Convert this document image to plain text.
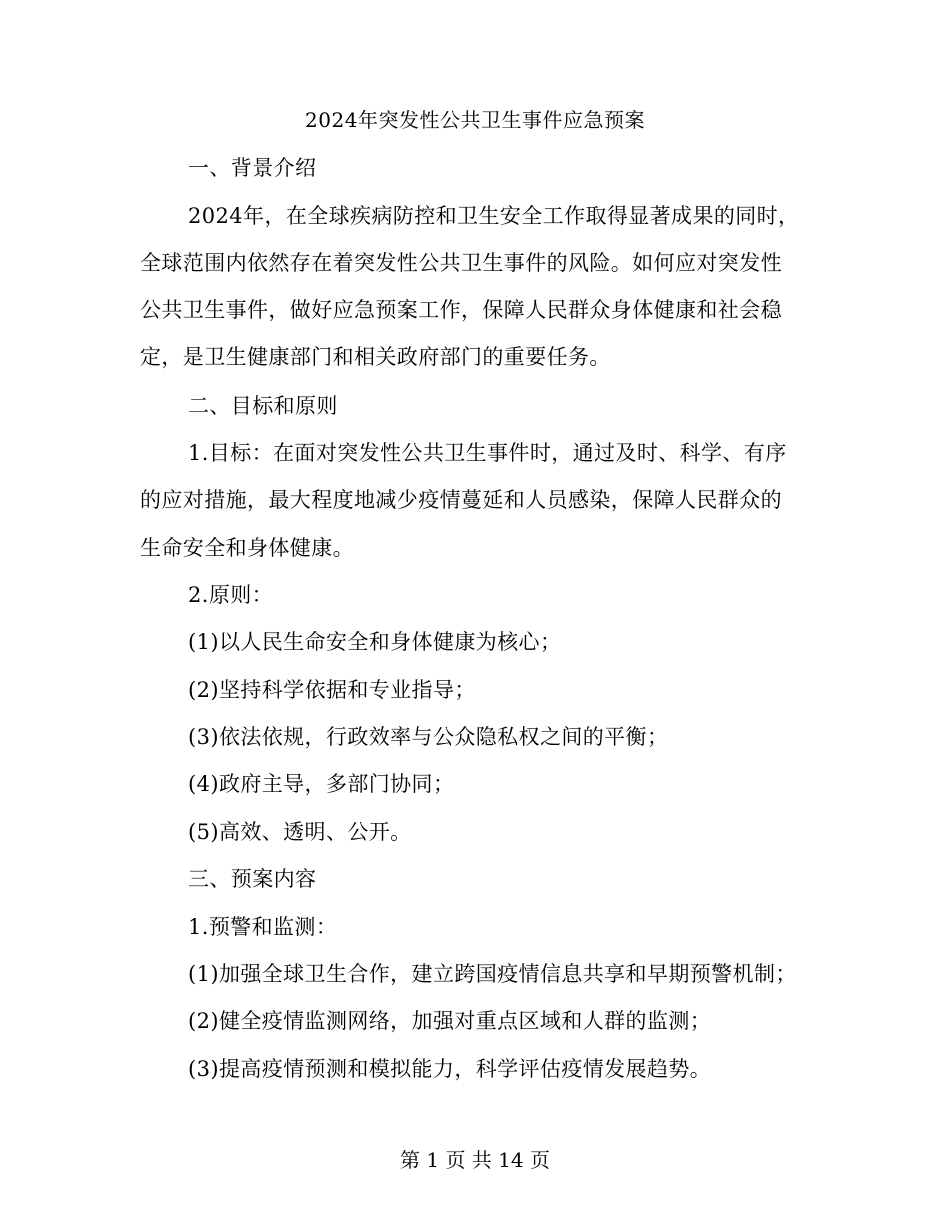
2024年突发性公共卫生事件应急预案
一、背景介绍
2024年，在全球疾病防控和卫生安全工作取得显著成果的同时，
全球范围内依然存在着突发性公共卫生事件的风险。如何应对突发性
公共卫生事件，做好应急预案工作，保障人民群众身体健康和社会稳
定，是卫生健康部门和相关政府部门的重要任务。
二、目标和原则
1.目标：在面对突发性公共卫生事件时，通过及时、科学、有序
的应对措施，最大程度地减少疫情蔓延和人员感染，保障人民群众的
生命安全和身体健康。
2.原则：
(1)以人民生命安全和身体健康为核心；
(2)坚持科学依据和专业指导；
(3)依法依规，行政效率与公众隐私权之间的平衡；
(4)政府主导，多部门协同；
(5)高效、透明、公开。
三、预案内容
1.预警和监测：
(1)加强全球卫生合作，建立跨国疫情信息共享和早期预警机制；
(2)健全疫情监测网络，加强对重点区域和人群的监测；
(3)提高疫情预测和模拟能力，科学评估疫情发展趋势。
第 1 页 共 14 页
